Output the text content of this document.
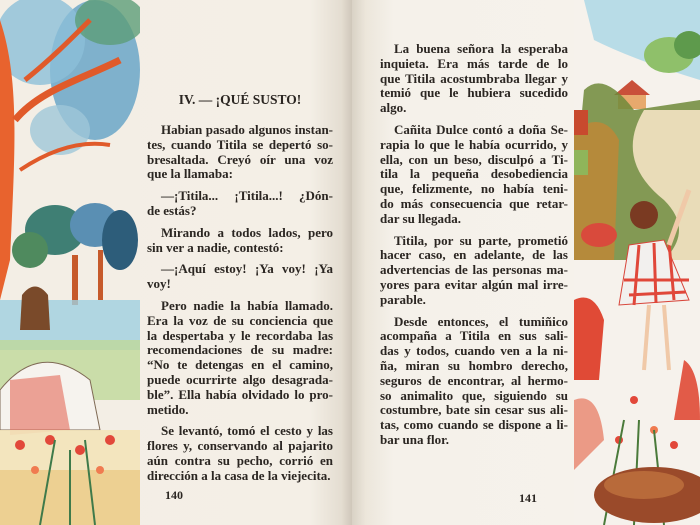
IV. — ¡QUÉ SUSTO!
Habian pasado algunos instan-
tes, cuando Titila se depertó so-
bresaltada. Creyó oír una voz
que la llamaba:
—¡Titila... ¡Titila...! ¿Dón-
de estás?
Mirando a todos lados, pero
sin ver a nadie, contestó:
—¡Aquí estoy! ¡Ya voy! ¡Ya
voy!
Pero nadie la había llamado.
Era la voz de su conciencia que
la despertaba y le recordaba las
recomendaciones de su madre:
“No te detengas en el camino,
puede ocurrirte algo desagrada-
ble”. Ella había olvidado lo pro-
metido.
Se levantó, tomó el cesto y las
flores y, conservando al pajarito
aún contra su pecho, corrió en
dirección a la casa de la viejecita.
140
La buena señora la esperaba
inquieta. Era más tarde de lo
que Titila acostumbraba llegar y
temió que le hubiera sucedido
algo.
Cañita Dulce contó a doña Se-
rapia lo que le había ocurrido, y
ella, con un beso, disculpó a Ti-
tila la pequeña desobediencia
que, felizmente, no había teni-
do más consecuencia que retar-
dar su llegada.
Titila, por su parte, prometió
hacer caso, en adelante, de las
advertencias de las personas ma-
yores para evitar algún mal irre-
parable.
Desde entonces, el tumiñico
acompaña a Titila en sus sali-
das y todos, cuando ven a la ni-
ña, miran su hombro derecho,
seguros de encontrar, al hermo-
so animalito que, siguiendo su
costumbre, bate sin cesar sus ali-
tas, como cuando se dispone a li-
bar una flor.
141
